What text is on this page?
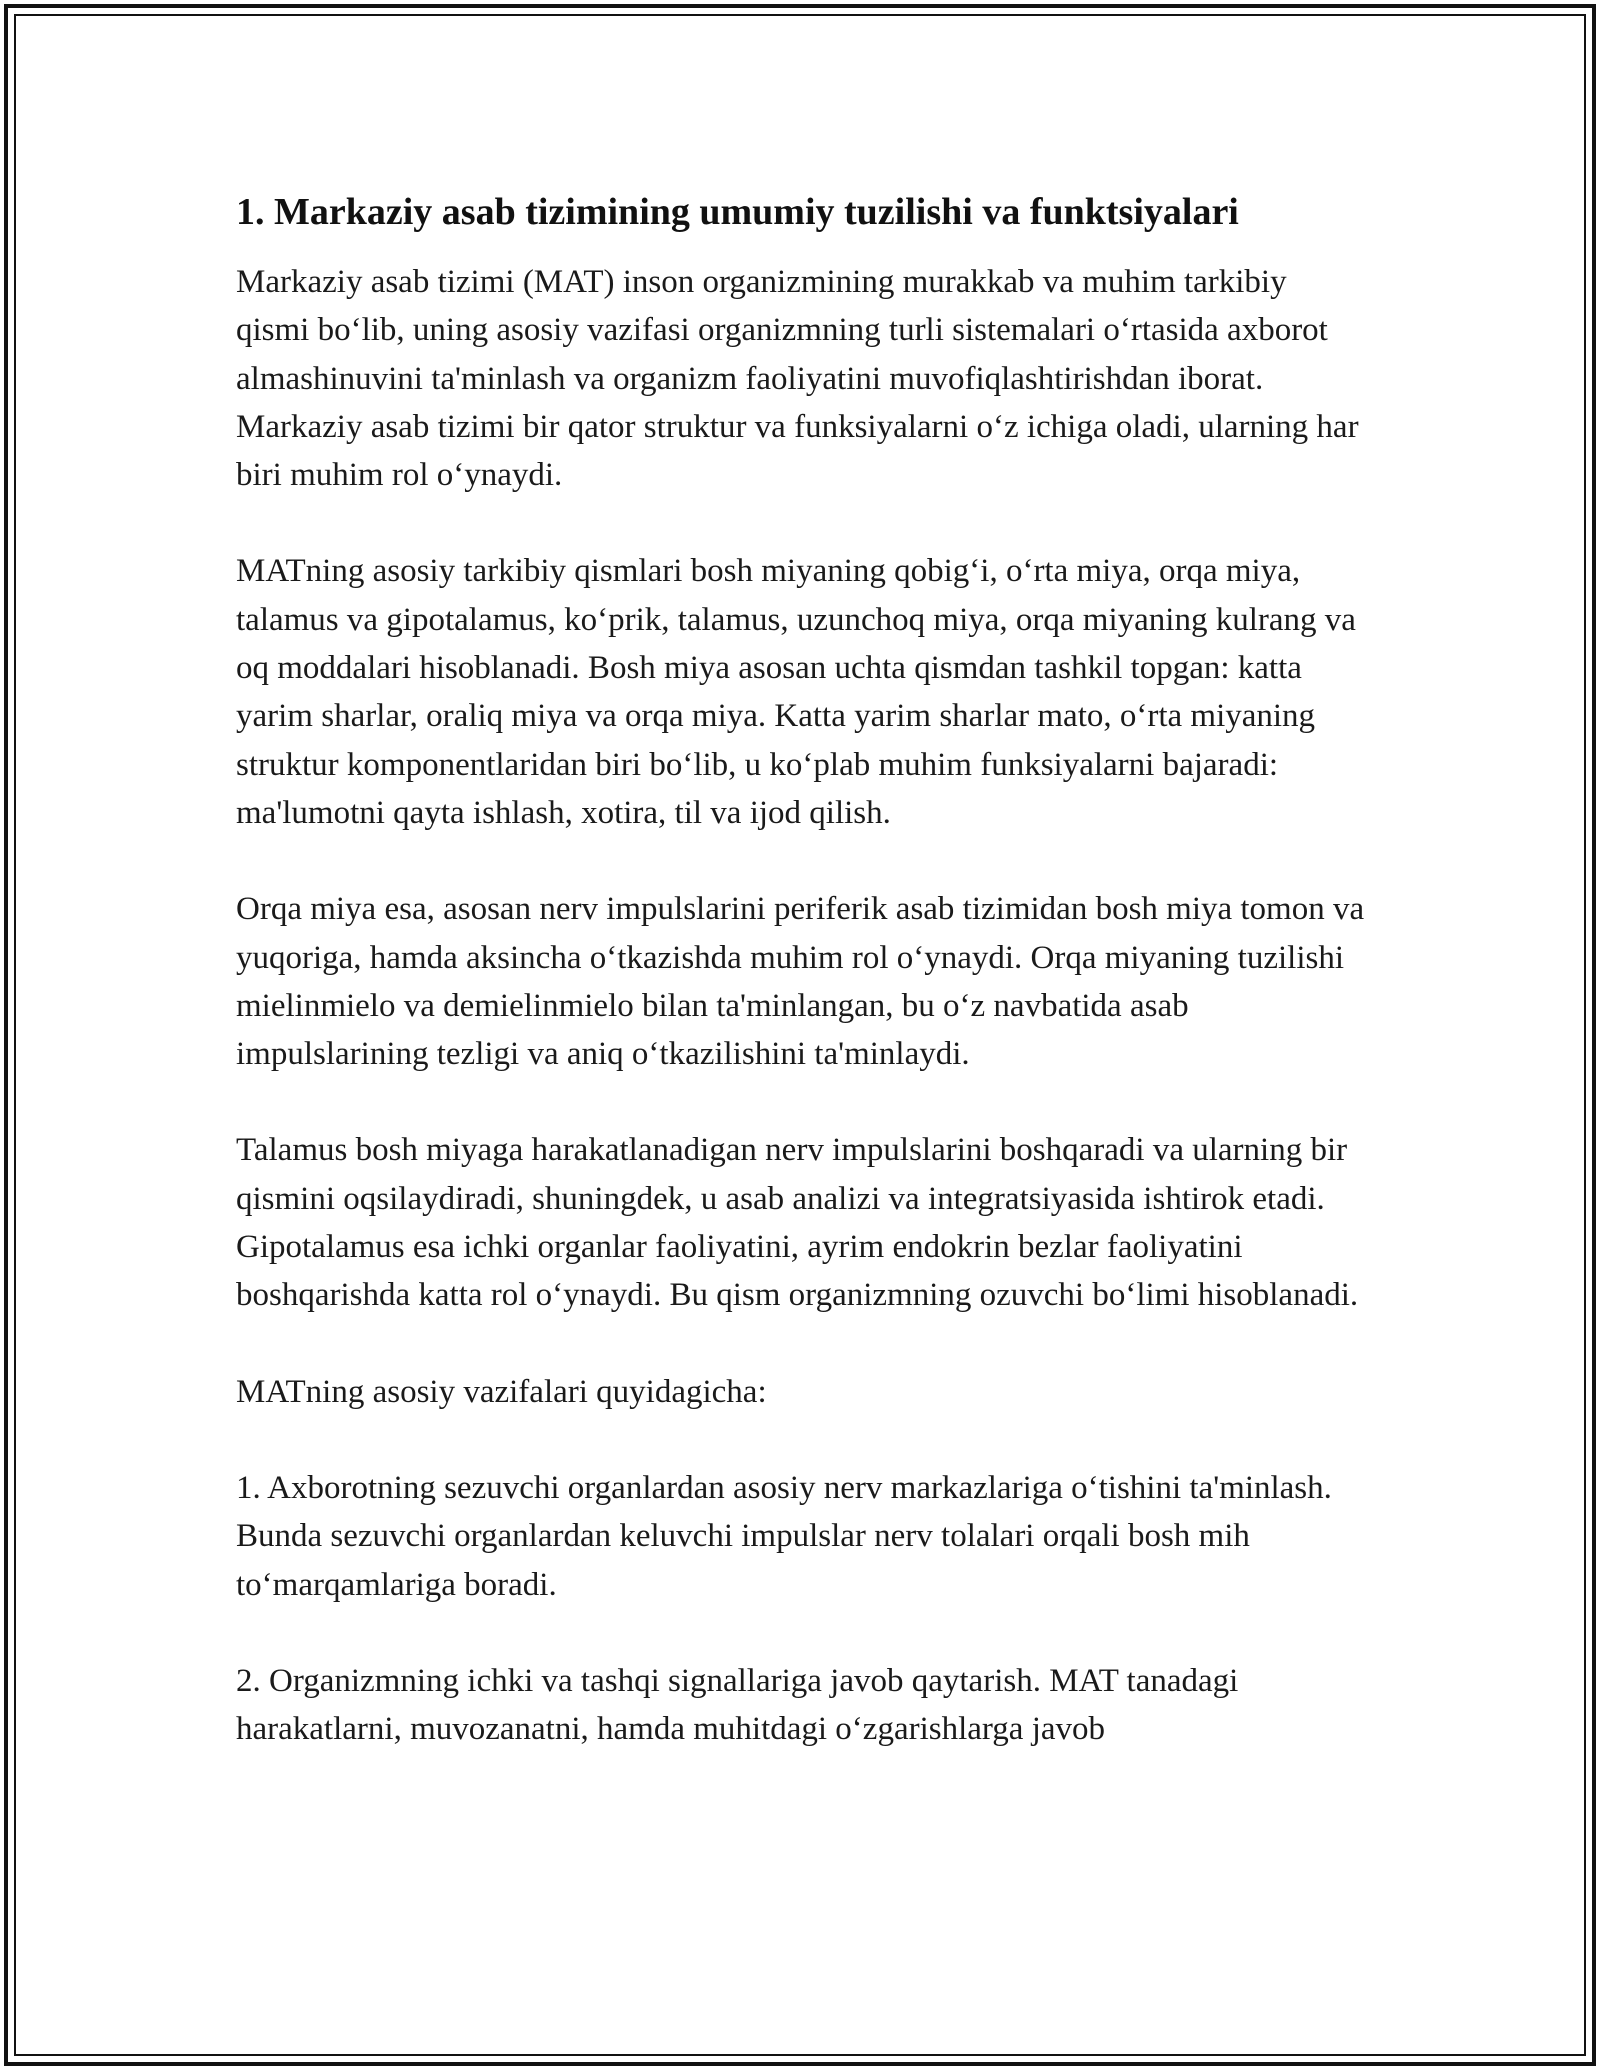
1. Markaziy asab tizimining umumiy tuzilishi va funktsiyalari

Markaziy asab tizimi (MAT) inson organizmining murakkab va muhim tarkibiy qismi bo‘lib, uning asosiy vazifasi organizmning turli sistemalari o‘rtasida axborot almashinuvini ta'minlash va organizm faoliyatini muvofiqlashtirishdan iborat. Markaziy asab tizimi bir qator struktur va funksiyalarni o‘z ichiga oladi, ularning har biri muhim rol o‘ynaydi.

MATning asosiy tarkibiy qismlari bosh miyaning qobig‘i, o‘rta miya, orqa miya, talamus va gipotalamus, ko‘prik, talamus, uzunchoq miya, orqa miyaning kulrang va oq moddalari hisoblanadi. Bosh miya asosan uchta qismdan tashkil topgan: katta yarim sharlar, oraliq miya va orqa miya. Katta yarim sharlar mato, o‘rta miyaning struktur komponentlaridan biri bo‘lib, u ko‘plab muhim funksiyalarni bajaradi: ma'lumotni qayta ishlash, xotira, til va ijod qilish.

Orqa miya esa, asosan nerv impulslarini periferik asab tizimidan bosh miya tomon va yuqoriga, hamda aksincha o‘tkazishda muhim rol o‘ynaydi. Orqa miyaning tuzilishi mielinmielo va demielinmielo bilan ta'minlangan, bu o‘z navbatida asab impulslarining tezligi va aniq o‘tkazilishini ta'minlaydi.

Talamus bosh miyaga harakatlanadigan nerv impulslarini boshqaradi va ularning bir qismini oqsilaydiradi, shuningdek, u asab analizi va integratsiyasida ishtirok etadi. Gipotalamus esa ichki organlar faoliyatini, ayrim endokrin bezlar faoliyatini boshqarishda katta rol o‘ynaydi. Bu qism organizmning ozuvchi bo‘limi hisoblanadi.

MATning asosiy vazifalari quyidagicha:

1. Axborotning sezuvchi organlardan asosiy nerv markazlariga o‘tishini ta'minlash. Bunda sezuvchi organlardan keluvchi impulslar nerv tolalari orqali bosh mih to‘marqamlariga boradi.

2. Organizmning ichki va tashqi signallariga javob qaytarish. MAT tanadagi harakatlarni, muvozanatni, hamda muhitdagi o‘zgarishlarga javob
